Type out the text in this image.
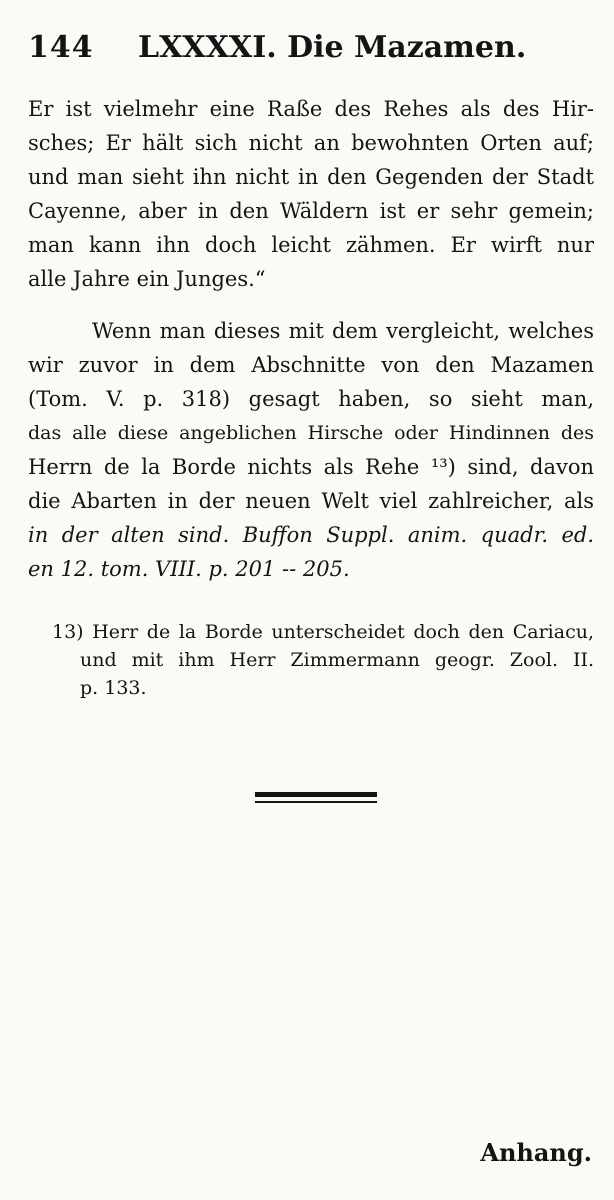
144 LXXXXI. Die Mazamen.
Er ist vielmehr eine Raße des Rehes als des Hir-
sches; Er hält sich nicht an bewohnten Orten auf;
und man sieht ihn nicht in den Gegenden der Stadt
Cayenne, aber in den Wäldern ist er sehr gemein;
man kann ihn doch leicht zähmen. Er wirft nur
alle Jahre ein Junges.“
Wenn man dieses mit dem vergleicht, welches
wir zuvor in dem Abschnitte von den Mazamen
(Tom. V. p. 318) gesagt haben, so sieht man,
das alle diese angeblichen Hirsche oder Hindinnen des
Herrn de la Borde nichts als Rehe ¹³) sind, davon
die Abarten in der neuen Welt viel zahlreicher, als
in der alten sind. Buffon Suppl. anim. quadr. ed.
en 12. tom. VIII. p. 201 -- 205.
13) Herr de la Borde unterscheidet doch den Cariacu,
und mit ihm Herr Zimmermann geogr. Zool. II.
p. 133.
Anhang.
